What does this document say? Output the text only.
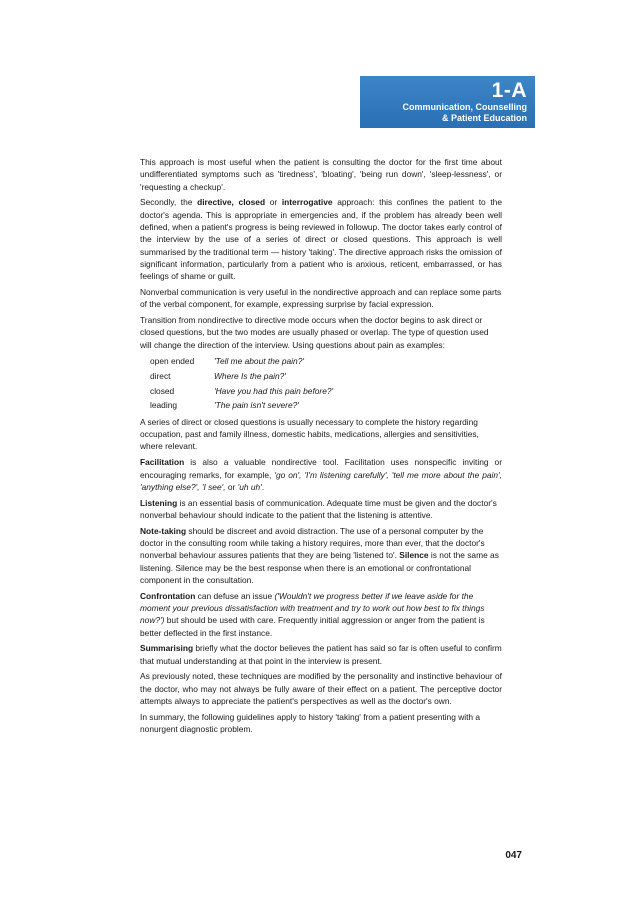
1-A
Communication, Counselling
& Patient Education

This approach is most useful when the patient is consulting the doctor for the first time about undifferentiated symptoms such as 'tiredness', 'bloating', 'being run down', 'sleep-lessness', or 'requesting a checkup'.

Secondly, the directive, closed or interrogative approach: this confines the patient to the doctor's agenda. This is appropriate in emergencies and, if the problem has already been well defined, when a patient's progress is being reviewed in followup. The doctor takes early control of the interview by the use of a series of direct or closed questions. This approach is well summarised by the traditional term — history 'taking'. The directive approach risks the omission of significant information, particularly from a patient who is anxious, reticent, embarrassed, or has feelings of shame or guilt.

Nonverbal communication is very useful in the nondirective approach and can replace some parts of the verbal component, for example, expressing surprise by facial expression.

Transition from nondirective to directive mode occurs when the doctor begins to ask direct or closed questions, but the two modes are usually phased or overlap. The type of question used will change the direction of the interview. Using questions about pain as examples:

open ended	'Tell me about the pain?'
direct	Where Is the pain?'
closed	'Have you had this pain before?'
leading	'The pain isn't severe?'

A series of direct or closed questions is usually necessary to complete the history regarding occupation, past and family illness, domestic habits, medications, allergies and sensitivities, where relevant.

Facilitation is also a valuable nondirective tool. Facilitation uses nonspecific inviting or encouraging remarks, for example, 'go on', 'I'm listening carefully', 'tell me more about the pain', 'anything else?', 'I see', or 'uh uh'.

Listening is an essential basis of communication. Adequate time must be given and the doctor's nonverbal behaviour should indicate to the patient that the listening is attentive.

Note-taking should be discreet and avoid distraction. The use of a personal computer by the doctor in the consulting room while taking a history requires, more than ever, that the doctor's nonverbal behaviour assures patients that they are being 'listened to'. Silence is not the same as listening. Silence may be the best response when there is an emotional or confrontational component in the consultation.

Confrontation can defuse an issue ('Wouldn't we progress better if we leave aside for the moment your previous dissatisfaction with treatment and try to work out how best to fix things now?') but should be used with care. Frequently initial aggression or anger from the patient is better deflected in the first instance.

Summarising briefly what the doctor believes the patient has said so far is often useful to confirm that mutual understanding at that point in the interview is present.

As previously noted, these techniques are modified by the personality and instinctive behaviour of the doctor, who may not always be fully aware of their effect on a patient. The perceptive doctor attempts always to appreciate the patient's perspectives as well as the doctor's own.

In summary, the following guidelines apply to history 'taking' from a patient presenting with a nonurgent diagnostic problem.

047
